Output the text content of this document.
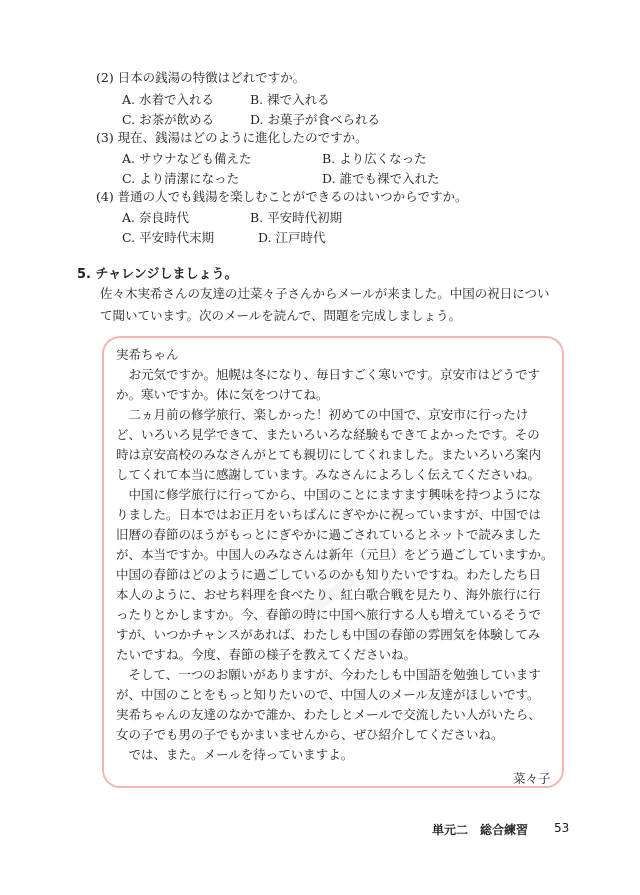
(2) 日本の銭湯の特徴はどれですか。
A. 水着で入れる	B. 裸で入れる
C. お茶が飲める	D. お菓子が食べられる
(3) 現在、銭湯はどのように進化したのですか。
A. サウナなども備えた	B. より広くなった
C. より清潔になった	D. 誰でも裸で入れた
(4) 普通の人でも銭湯を楽しむことができるのはいつからですか。
A. 奈良時代	B. 平安時代初期
C. 平安時代末期	D. 江戸時代
5. チャレンジしましょう。
佐々木実希さんの友達の辻菜々子さんからメールが来ました。中国の祝日につい
て聞いています。次のメールを読んで、問題を完成しましょう。
実希ちゃん
　お元気ですか。旭幌は冬になり、毎日すごく寒いです。京安市はどうです
か。寒いですか。体に気をつけてね。
　二ヵ月前の修学旅行、楽しかった！初めての中国で、京安市に行ったけ
ど、いろいろ見学できて、またいろいろな経験もできてよかったです。その
時は京安高校のみなさんがとても親切にしてくれました。またいろいろ案内
してくれて本当に感謝しています。みなさんによろしく伝えてくださいね。
　中国に修学旅行に行ってから、中国のことにますます興味を持つようにな
りました。日本ではお正月をいちばんにぎやかに祝っていますが、中国では
旧暦の春節のほうがもっとにぎやかに過ごされているとネットで読みました
が、本当ですか。中国人のみなさんは新年（元旦）をどう過ごしていますか。
中国の春節はどのように過ごしているのかも知りたいですね。わたしたち日
本人のように、おせち料理を食べたり、紅白歌合戦を見たり、海外旅行に行
ったりとかしますか。今、春節の時に中国へ旅行する人も増えているそうで
すが、いつかチャンスがあれば、わたしも中国の春節の雰囲気を体験してみ
たいですね。今度、春節の様子を教えてくださいね。
　そして、一つのお願いがありますが、今わたしも中国語を勉強しています
が、中国のことをもっと知りたいので、中国人のメール友達がほしいです。
実希ちゃんの友達のなかで誰か、わたしとメールで交流したい人がいたら、
女の子でも男の子でもかまいませんから、ぜひ紹介してくださいね。
　では、また。メールを待っていますよ。
菜々子
単元二　総合練習 53
